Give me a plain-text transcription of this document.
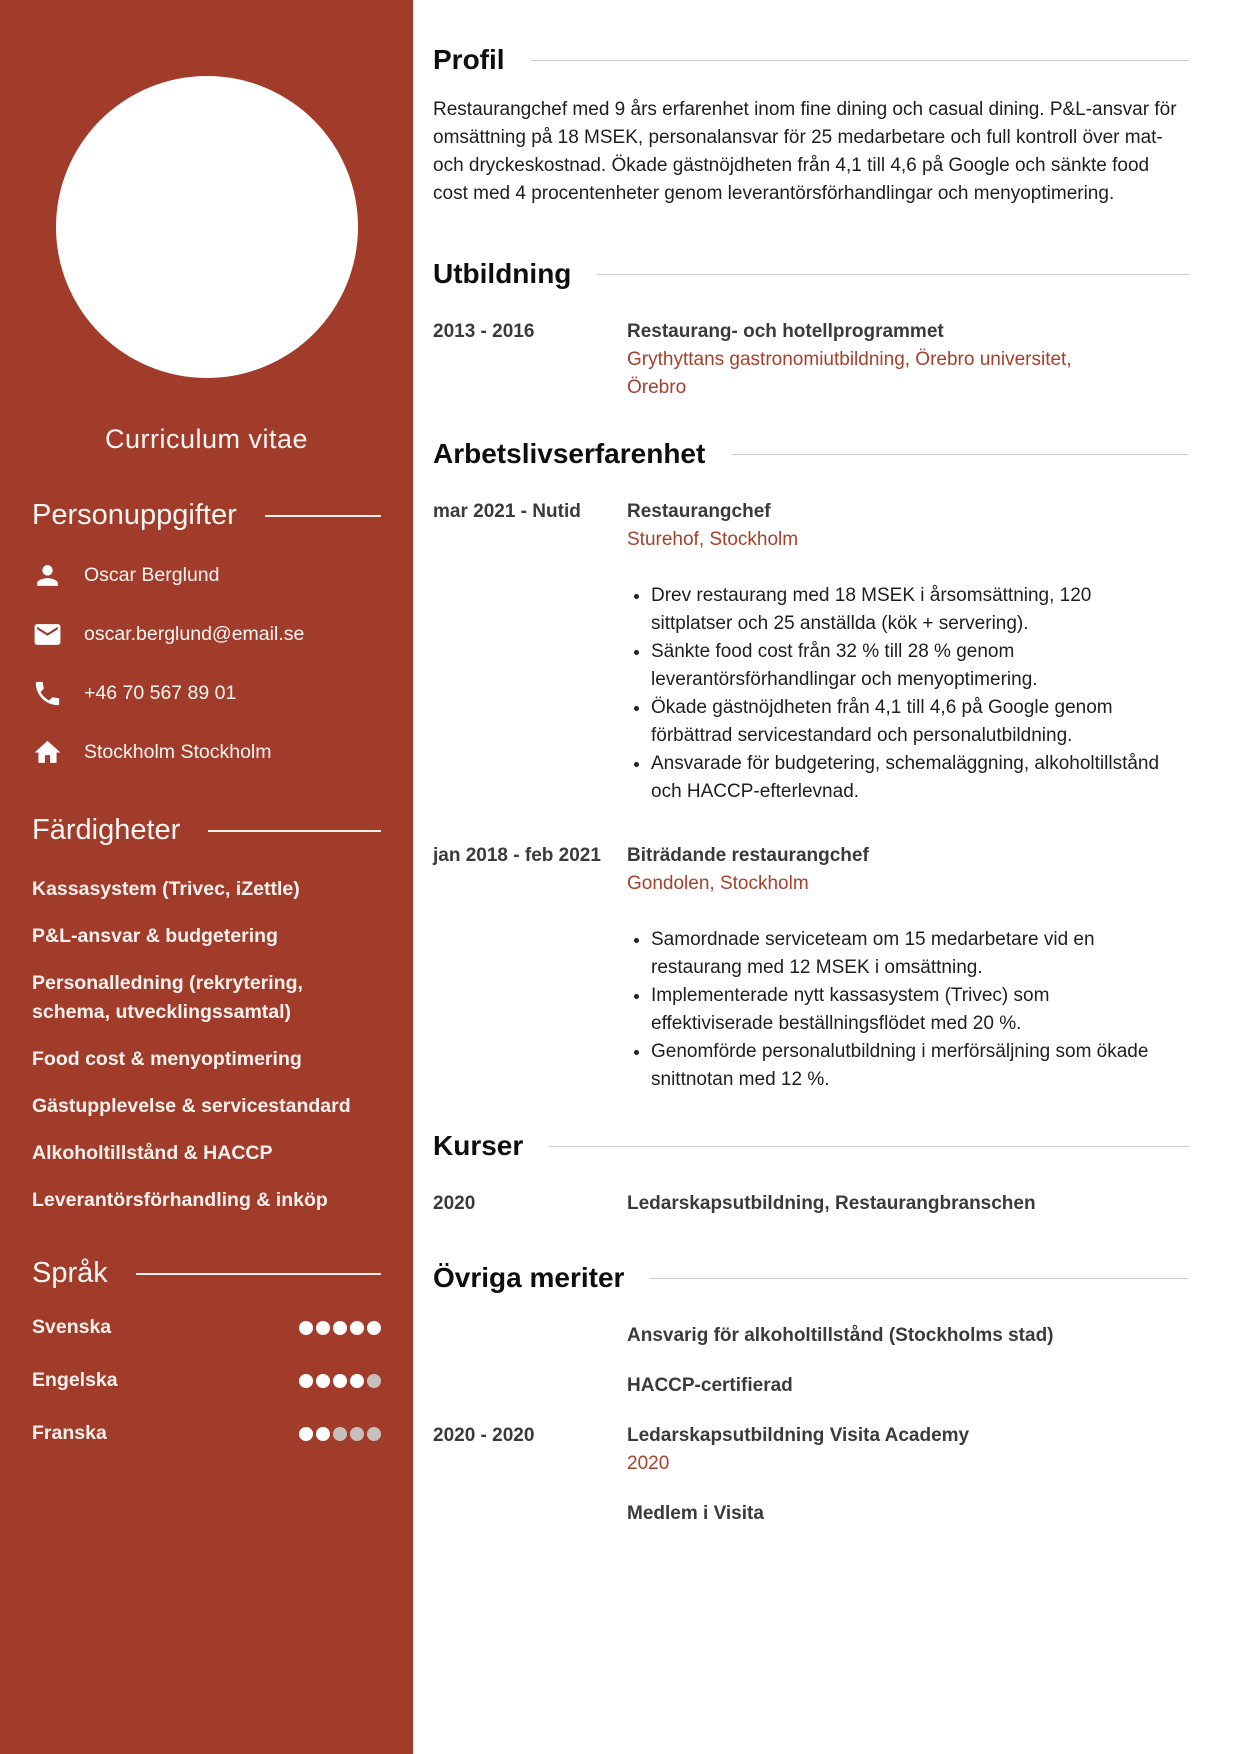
Curriculum vitae
Personuppgifter
Oscar Berglund
oscar.berglund@email.se
+46 70 567 89 01
Stockholm Stockholm
Färdigheter
Kassasystem (Trivec, iZettle)
P&L-ansvar & budgetering
Personalledning (rekrytering, schema, utvecklingssamtal)
Food cost & menyoptimering
Gästupplevelse & servicestandard
Alkoholtillstånd & HACCP
Leverantörsförhandling & inköp
Språk
Svenska
Engelska
Franska
Profil

Restaurangchef med 9 års erfarenhet inom fine dining och casual dining. P&L-ansvar för omsättning på 18 MSEK, personalansvar för 25 medarbetare och full kontroll över mat- och dryckeskostnad. Ökade gästnöjdheten från 4,1 till 4,6 på Google och sänkte food cost med 4 procentenheter genom leverantörsförhandlingar och menyoptimering.

Utbildning
2013 - 2016	Restaurang- och hotellprogrammet
Grythyttans gastronomiutbildning, Örebro universitet, Örebro
Arbetslivserfarenhet
mar 2021 - Nutid	Restaurangchef
Sturehof, Stockholm
• Drev restaurang med 18 MSEK i årsomsättning, 120 sittplatser och 25 anställda (kök + servering).
• Sänkte food cost från 32 % till 28 % genom leverantörsförhandlingar och menyoptimering.
• Ökade gästnöjdheten från 4,1 till 4,6 på Google genom förbättrad servicestandard och personalutbildning.
• Ansvarade för budgetering, schemaläggning, alkoholtillstånd och HACCP-efterlevnad.
jan 2018 - feb 2021	Biträdande restaurangchef
Gondolen, Stockholm
• Samordnade serviceteam om 15 medarbetare vid en restaurang med 12 MSEK i omsättning.
• Implementerade nytt kassasystem (Trivec) som effektiviserade beställningsflödet med 20 %.
• Genomförde personalutbildning i merförsäljning som ökade snittnotan med 12 %.
Kurser
2020	Ledarskapsutbildning, Restaurangbranschen
Övriga meriter
Ansvarig för alkoholtillstånd (Stockholms stad)
HACCP-certifierad
2020 - 2020	Ledarskapsutbildning Visita Academy
2020
Medlem i Visita
